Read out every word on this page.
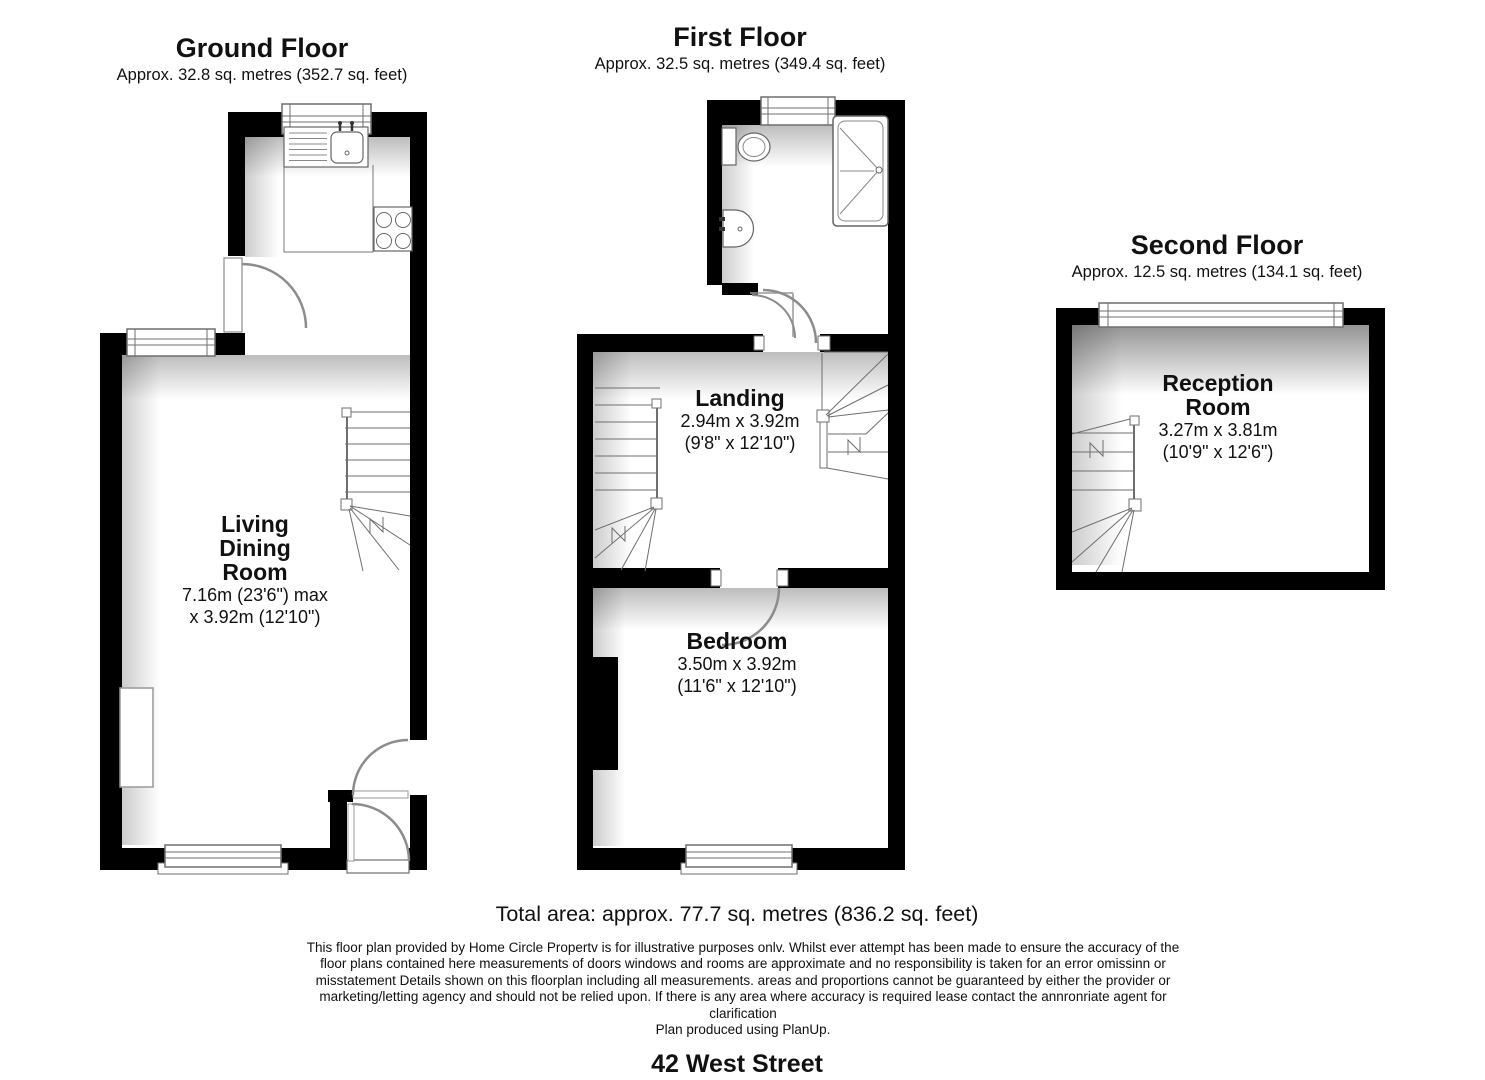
Ground Floor
Approx. 32.8 sq. metres (352.7 sq. feet)
First Floor
Approx. 32.5 sq. metres (349.4 sq. feet)
Second Floor
Approx. 12.5 sq. metres (134.1 sq. feet)
Living
Dining
Room
7.16m (23'6") max
x 3.92m (12'10")
Landing
2.94m x 3.92m
(9'8" x 12'10")
Bedroom
3.50m x 3.92m
(11'6" x 12'10")
Reception
Room
3.27m x 3.81m
(10'9" x 12'6")
Total area: approx. 77.7 sq. metres (836.2 sq. feet)
This floor plan provided by Home Circle Propertv is for illustrative purposes onlv. Whilst ever attempt has been made to ensure the accuracy of the
floor plans contained here measurements of doors windows and rooms are approximate and no responsibility is taken for an error omissinn or
misstatement Details shown on this floorplan including all measurements. areas and proportions cannot be guaranteed by either the provider or
marketing/letting agency and should not be relied upon. If there is any area where accuracy is required lease contact the annronriate agent for
clarification
Plan produced using PlanUp.
42 West Street
